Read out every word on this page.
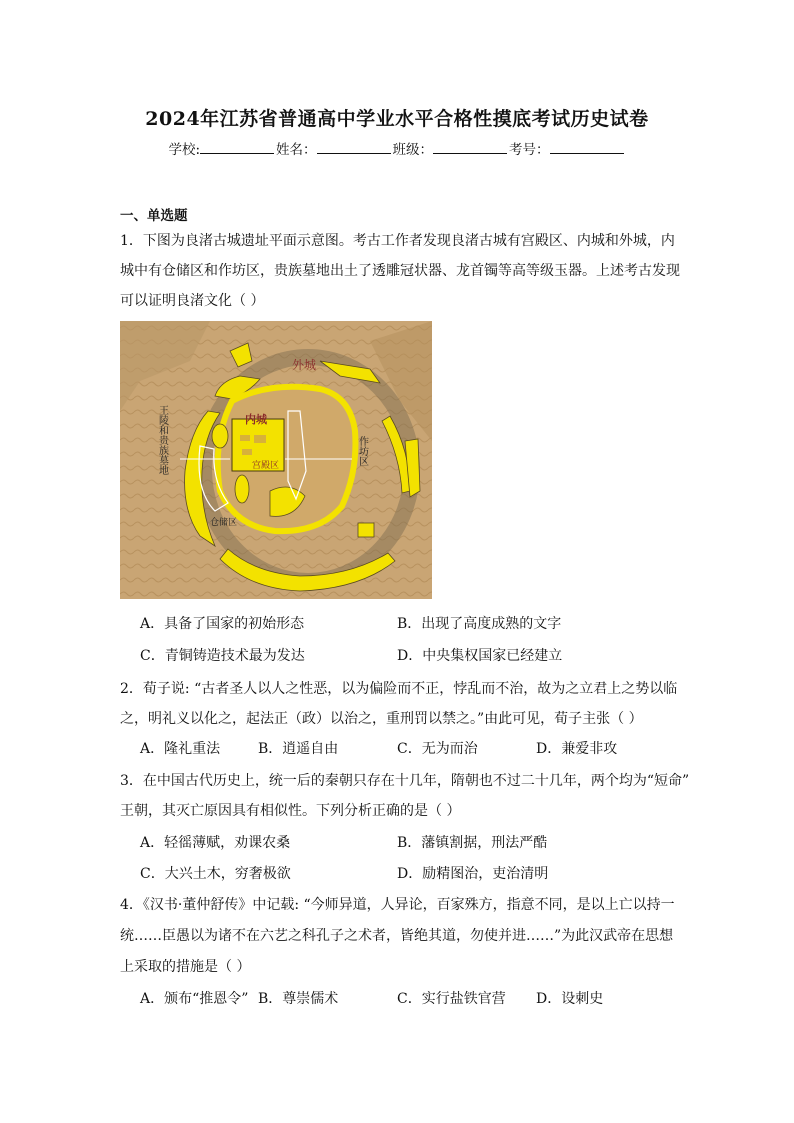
2024年江苏省普通高中学业水平合格性摸底考试历史试卷
学校:	姓名：	班级：	考号：
一、单选题
1．下图为良渚古城遗址平面示意图。考古工作者发现良渚古城有宫殿区、内城和外城，内
城中有仓储区和作坊区，贵族墓地出土了透雕冠状器、龙首镯等高等级玉器。上述考古发现
可以证明良渚文化（ ）
外城
内城
宫殿区
仓储区
作坊区
王陵和贵族墓地
A．具备了国家的初始形态	B．出现了高度成熟的文字
C．青铜铸造技术最为发达	D．中央集权国家已经建立
2．荀子说: “古者圣人以人之性恶，以为偏险而不正，悖乱而不治，故为之立君上之势以临
之，明礼义以化之，起法正（政）以治之，重刑罚以禁之。”由此可见，荀子主张（ ）
A．隆礼重法	B．逍遥自由	C．无为而治	D．兼爱非攻
3．在中国古代历史上，统一后的秦朝只存在十几年，隋朝也不过二十几年，两个均为“短命”
王朝，其灭亡原因具有相似性。下列分析正确的是（ ）
A．轻徭薄赋，劝课农桑	B．藩镇割据，刑法严酷
C．大兴土木，穷奢极欲	D．励精图治，吏治清明
4．《汉书·董仲舒传》中记载: “今师异道，人异论，百家殊方，指意不同，是以上亡以持一
统……臣愚以为诸不在六艺之科孔子之术者，皆绝其道，勿使并进……”为此汉武帝在思想
上采取的措施是（ ）
A．颁布“推恩令” B．尊崇儒术	C．实行盐铁官营 D．设刺史
